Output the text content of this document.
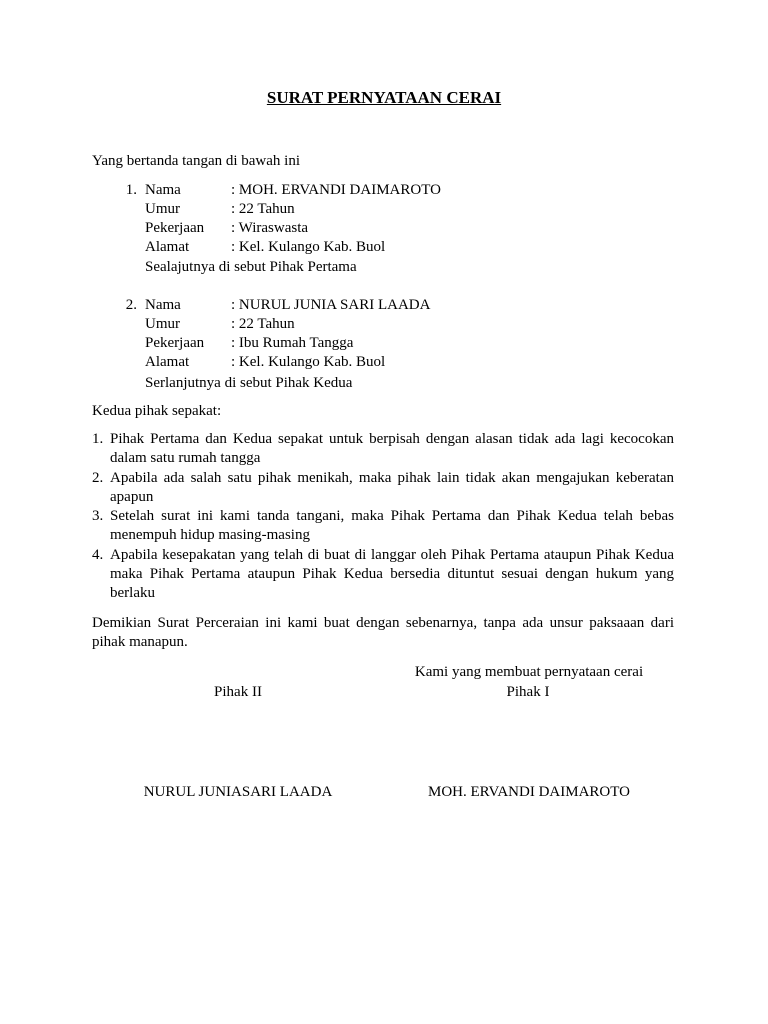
SURAT PERNYATAAN CERAI
Yang bertanda tangan di bawah ini
1. Nama	: MOH. ERVANDI DAIMAROTO
Umur	: 22 Tahun
Pekerjaan : Wiraswasta
Alamat	: Kel. Kulango Kab. Buol
Sealajutnya di sebut Pihak Pertama
2. Nama	: NURUL JUNIA SARI LAADA
Umur	: 22 Tahun
Pekerjaan : Ibu Rumah Tangga
Alamat	: Kel. Kulango Kab. Buol
Serlanjutnya di sebut Pihak Kedua
Kedua pihak sepakat:
1. Pihak Pertama dan Kedua sepakat untuk berpisah dengan alasan tidak ada lagi kecocokan dalam satu rumah tangga
2. Apabila ada salah satu pihak menikah, maka pihak lain tidak akan mengajukan keberatan apapun
3. Setelah surat ini kami tanda tangani, maka Pihak Pertama dan Pihak Kedua telah bebas menempuh hidup masing-masing
4. Apabila kesepakatan yang telah di buat di langgar oleh Pihak Pertama ataupun Pihak Kedua maka Pihak Pertama ataupun Pihak Kedua bersedia dituntut sesuai dengan hukum yang berlaku
Demikian Surat Perceraian ini kami buat dengan sebenarnya, tanpa ada unsur paksaaan dari pihak manapun.
Kami yang membuat pernyataan cerai
Pihak II	Pihak I
NURUL JUNIASARI LAADA	MOH. ERVANDI DAIMAROTO
